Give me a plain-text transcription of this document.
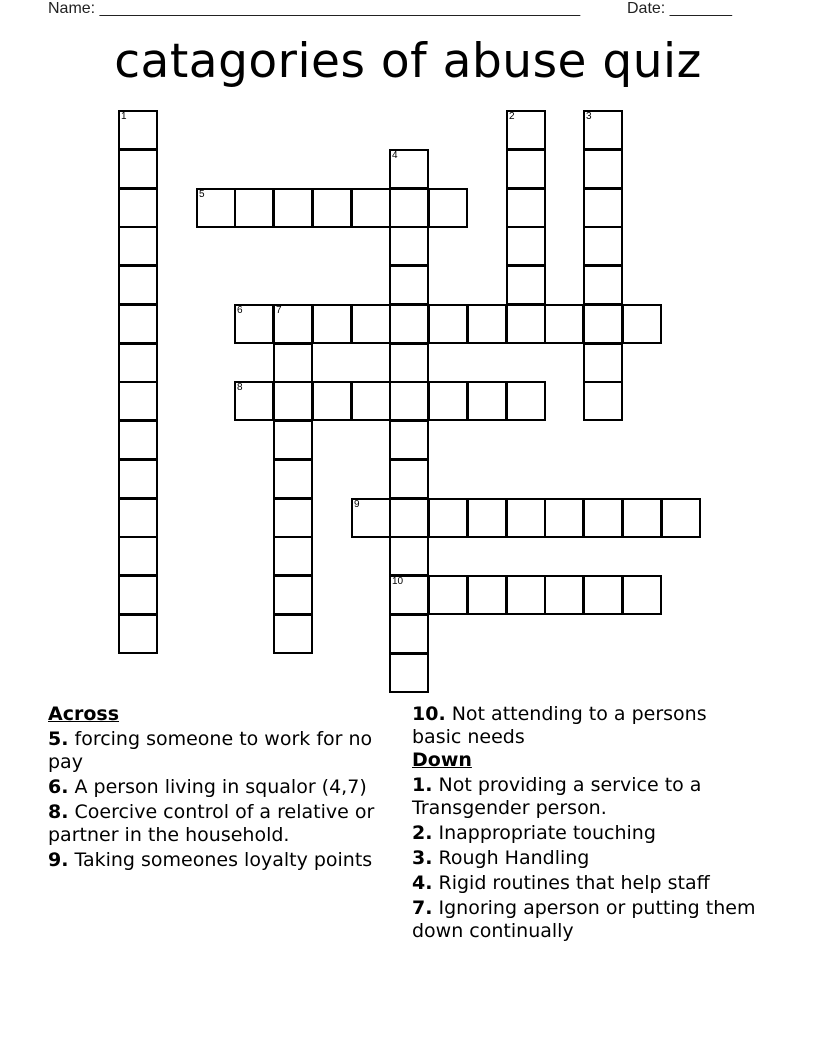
Name: ______________________________________________________	Date: _______
catagories of abuse quiz
1	2	3
4
10
5
6	7
8
9
Across
5. forcing someone to work for no pay
6. A person living in squalor (4,7)
8. Coercive control of a relative or partner in the household.
9. Taking someones loyalty points
10. Not attending to a persons basic needs
Down
1. Not providing a service to a Transgender person.
2. Inappropriate touching
3. Rough Handling
4. Rigid routines that help staff
7. Ignoring aperson or putting them down continually
